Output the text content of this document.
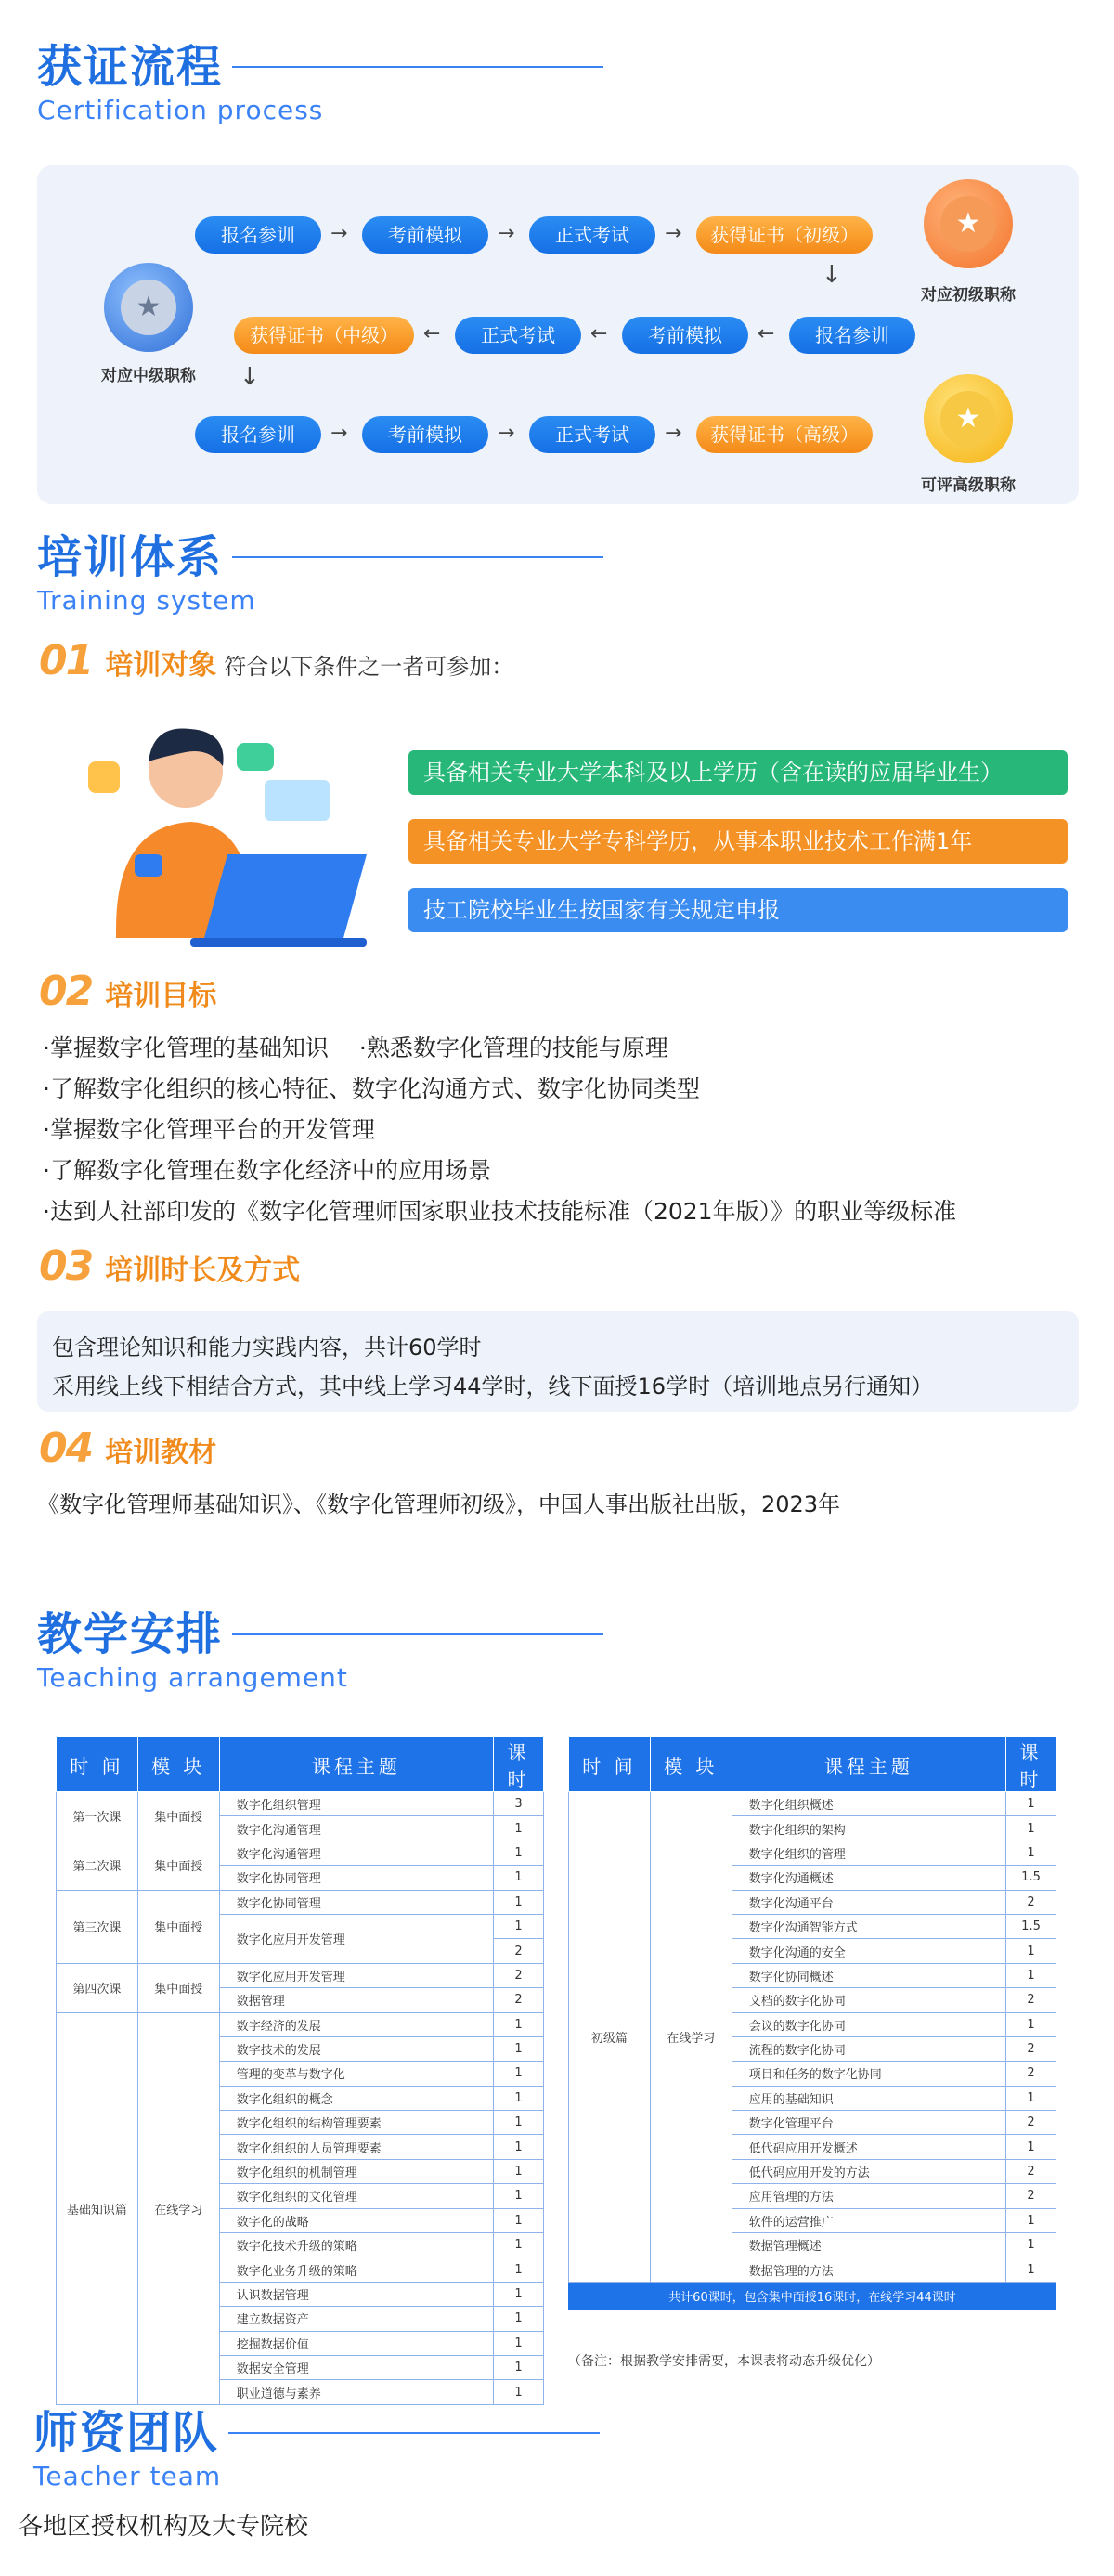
获证流程
Certification process
报名参训	→	考前模拟	→	正式考试	→	获得证书（初级）
↓
报名参训
←
考前模拟
←
正式考试
←
获得证书（中级）
↓
报名参训	→	考前模拟	→	正式考试	→	获得证书（高级）
★
对应初级职称
★
对应中级职称
★
可评高级职称
培训体系
Training system
01 培训对象 符合以下条件之一者可参加：
具备相关专业大学本科及以上学历（含在读的应届毕业生）
具备相关专业大学专科学历，从事本职业技术工作满1年
技工院校毕业生按国家有关规定申报
02 培训目标
·掌握数字化管理的基础知识　 ·熟悉数字化管理的技能与原理
·了解数字化组织的核心特征、数字化沟通方式、数字化协同类型
·掌握数字化管理平台的开发管理
·了解数字化管理在数字化经济中的应用场景
·达到人社部印发的《数字化管理师国家职业技术技能标准（2021年版）》的职业等级标准
03 培训时长及方式
包含理论知识和能力实践内容，共计60学时
采用线上线下相结合方式，其中线上学习44学时，线下面授16学时（培训地点另行通知）
04 培训教材
《数字化管理师基础知识》、《数字化管理师初级》，中国人事出版社出版，2023年
教学安排
Teaching arrangement
时 间	模 块	课程主题	课 时
第一次课	集中面授	数字化组织管理	3
		数字化沟通管理	1
第二次课	集中面授	数字化沟通管理	1
		数字化协同管理	1
第三次课	集中面授	数字化协同管理	1
		数字化应用开发管理	1
			2
第四次课	集中面授	数字化应用开发管理	2
		数据管理	2
基础知识篇	在线学习	数字经济的发展	1
		数字技术的发展	1
		管理的变革与数字化	1
		数字化组织的概念	1
		数字化组织的结构管理要素	1
		数字化组织的人员管理要素	1
		数字化组织的机制管理	1
		数字化组织的文化管理	1
		数字化的战略	1
		数字化技术升级的策略	1
		数字化业务升级的策略	1
		认识数据管理	1
		建立数据资产	1
		挖掘数据价值	1
		数据安全管理	1
		职业道德与素养	1
时 间	模 块	课程主题	课 时
初级篇	在线学习	数字化组织概述	1
		数字化组织的架构	1
		数字化组织的管理	1
		数字化沟通概述	1.5
		数字化沟通平台	2
		数字化沟通智能方式	1.5
		数字化沟通的安全	1
		数字化协同概述	1
		文档的数字化协同	2
		会议的数字化协同	1
		流程的数字化协同	2
		项目和任务的数字化协同	2
		应用的基础知识	1
		数字化管理平台	2
		低代码应用开发概述	1
		低代码应用开发的方法	2
		应用管理的方法	2
		软件的运营推广	1
		数据管理概述	1
		数据管理的方法	1
共计60课时，包含集中面授16课时，在线学习44课时			
（备注：根据教学安排需要，本课表将动态升级优化）
师资团队
Teacher team
各地区授权机构及大专院校
